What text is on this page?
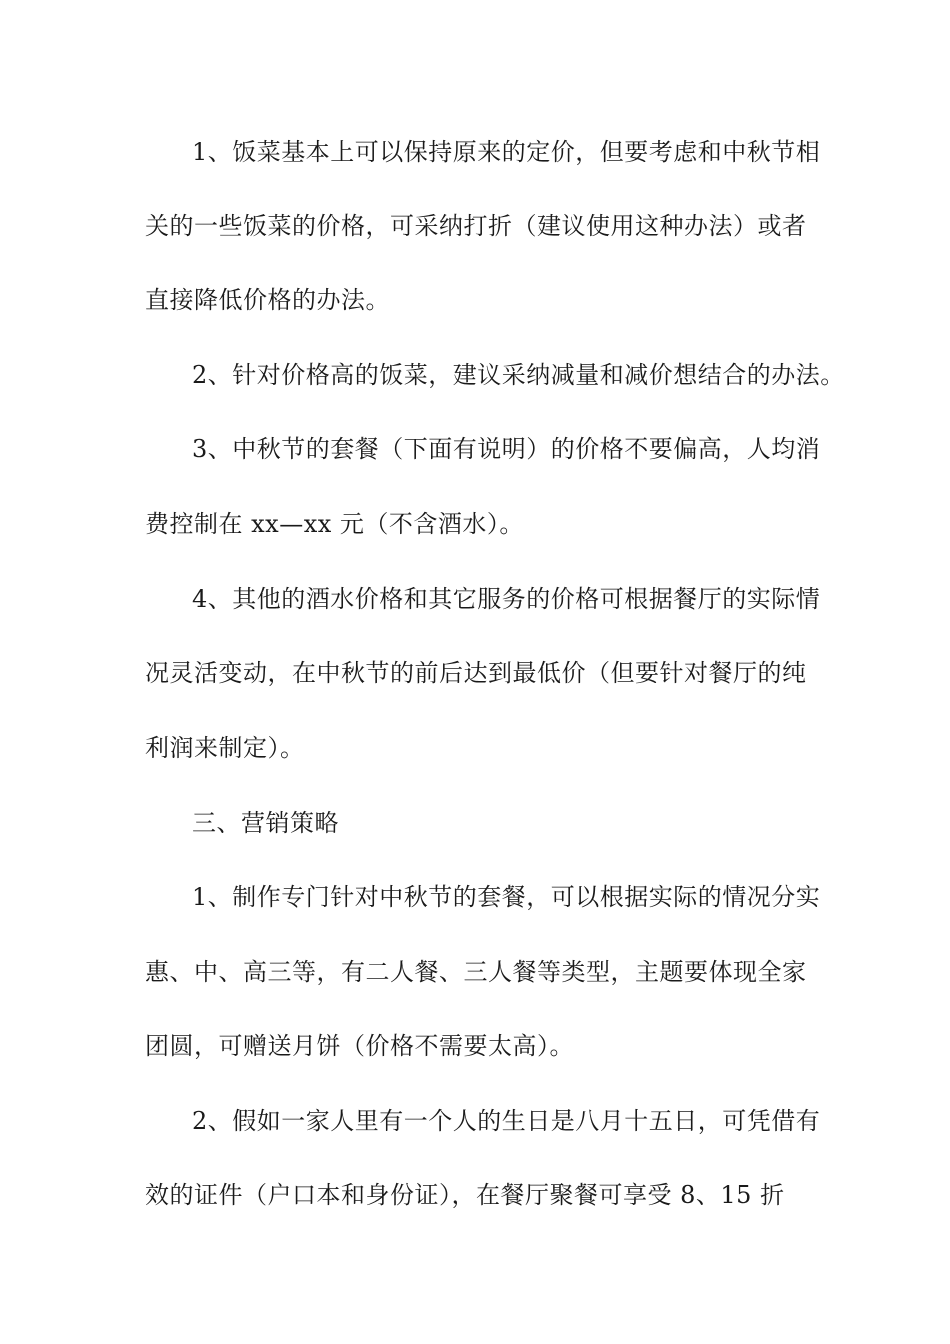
1、饭菜基本上可以保持原来的定价，但要考虑和中秋节相
关的一些饭菜的价格，可采纳打折（建议使用这种办法）或者
直接降低价格的办法。
2、针对价格高的饭菜，建议采纳减量和减价想结合的办法。
3、中秋节的套餐（下面有说明）的价格不要偏高，人均消
费控制在 xx—xx 元（不含酒水）。
4、其他的酒水价格和其它服务的价格可根据餐厅的实际情
况灵活变动，在中秋节的前后达到最低价（但要针对餐厅的纯
利润来制定）。
三、营销策略
1、制作专门针对中秋节的套餐，可以根据实际的情况分实
惠、中、高三等，有二人餐、三人餐等类型，主题要体现全家
团圆，可赠送月饼（价格不需要太高）。
2、假如一家人里有一个人的生日是八月十五日，可凭借有
效的证件（户口本和身份证），在餐厅聚餐可享受 8、15 折
